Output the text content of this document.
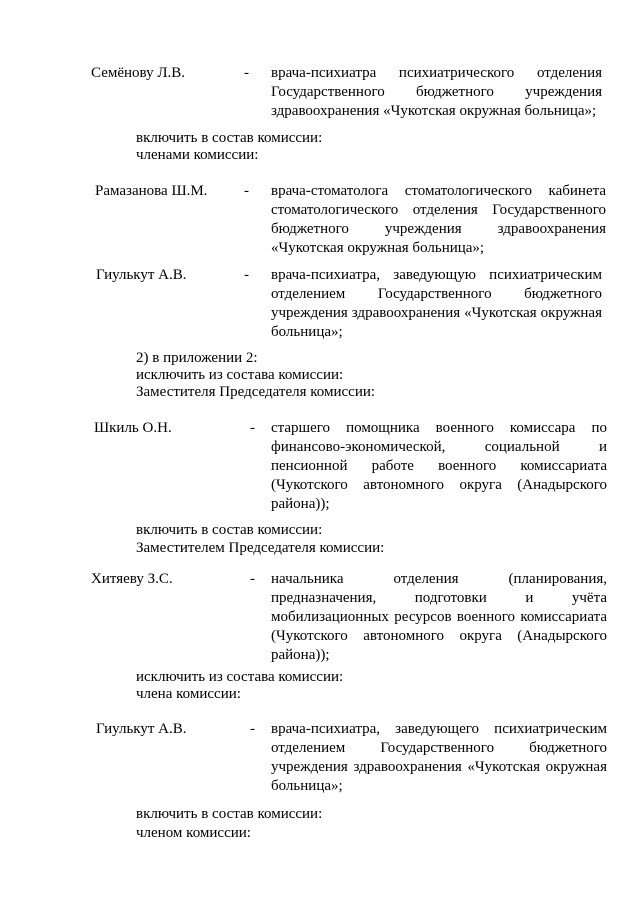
Семёнову Л.В.	- врача-психиатра психиатрического отделения Государственного бюджетного учреждения здравоохранения «Чукотская окружная больница»;
включить в состав комиссии:
членами комиссии:
Рамазанова Ш.М. - врача-стоматолога стоматологического кабинета стоматологического отделения Государственного бюджетного учреждения здравоохранения «Чукотская окружная больница»;
Гиулькут А.В.	- врача-психиатра, заведующую психиатрическим отделением Государственного бюджетного учреждения здравоохранения «Чукотская окружная больница»;
2) в приложении 2:
исключить из состава комиссии:
Заместителя Председателя комиссии:
Шкиль О.Н.	- старшего помощника военного комиссара по финансово-экономической, социальной и пенсионной работе военного комиссариата (Чукотского автономного округа (Анадырского района));
включить в состав комиссии:
Заместителем Председателя комиссии:
Хитяеву З.С.	- начальника отделения (планирования, предназначения, подготовки и учёта мобилизационных ресурсов военного комиссариата (Чукотского автономного округа (Анадырского района));
исключить из состава комиссии:
члена комиссии:
Гиулькут А.В.	- врача-психиатра, заведующего психиатрическим отделением Государственного бюджетного учреждения здравоохранения «Чукотская окружная больница»;
включить в состав комиссии:
членом комиссии:
